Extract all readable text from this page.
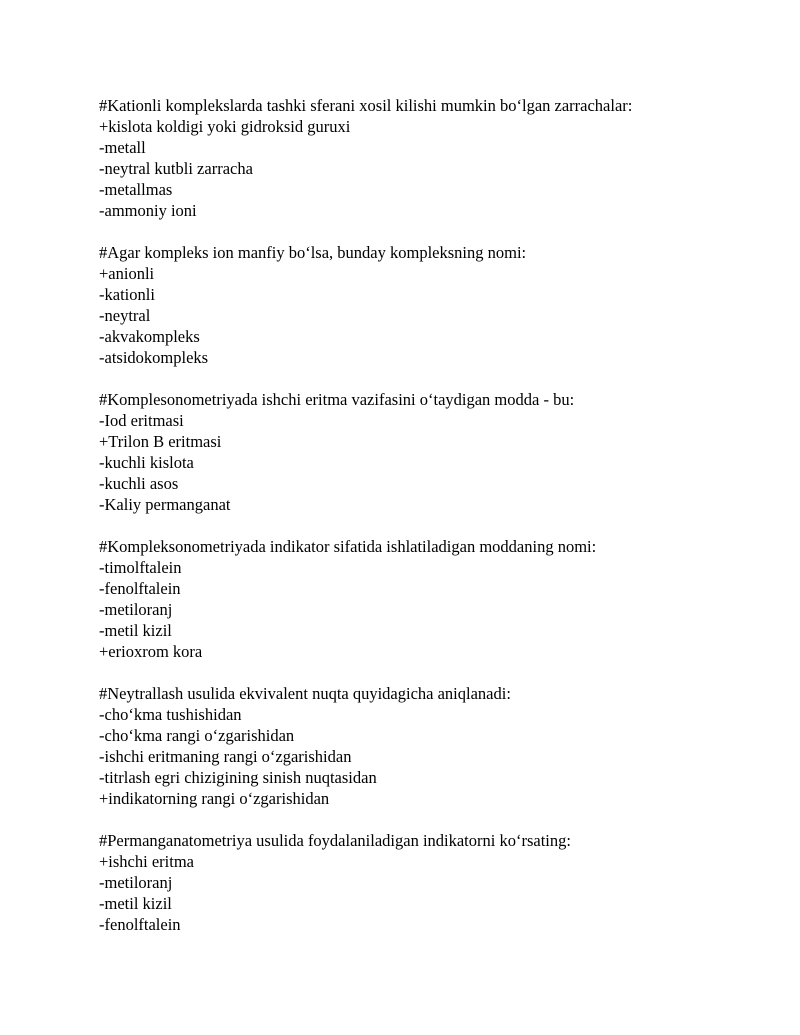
#Kationli komplekslarda tashki sferani xosil kilishi mumkin bo‘lgan zarrachalar:
+kislota koldigi yoki gidroksid guruxi
-metall
-neytral kutbli zarracha
-metallmas
-ammoniy ioni
#Agar kompleks ion manfiy bo‘lsa, bunday kompleksning nomi:
+anionli
-kationli
-neytral
-akvakompleks
-atsidokompleks
#Komplesonometriyada ishchi eritma vazifasini o‘taydigan modda - bu:
-Iod eritmasi
+Trilon B eritmasi
-kuchli kislota
-kuchli asos
-Kaliy permanganat
#Kompleksonometriyada indikator sifatida ishlatiladigan moddaning nomi:
-timolftalein
-fenolftalein
-metiloranj
-metil kizil
+erioxrom kora
#Neytrallash usulida ekvivalent nuqta quyidagicha aniqlanadi:
-cho‘kma tushishidan
-cho‘kma rangi o‘zgarishidan
-ishchi eritmaning rangi o‘zgarishidan
-titrlash egri chizigining sinish nuqtasidan
+indikatorning rangi o‘zgarishidan
#Permanganatometriya usulida foydalaniladigan indikatorni ko‘rsating:
+ishchi eritma
-metiloranj
-metil kizil
-fenolftalein
